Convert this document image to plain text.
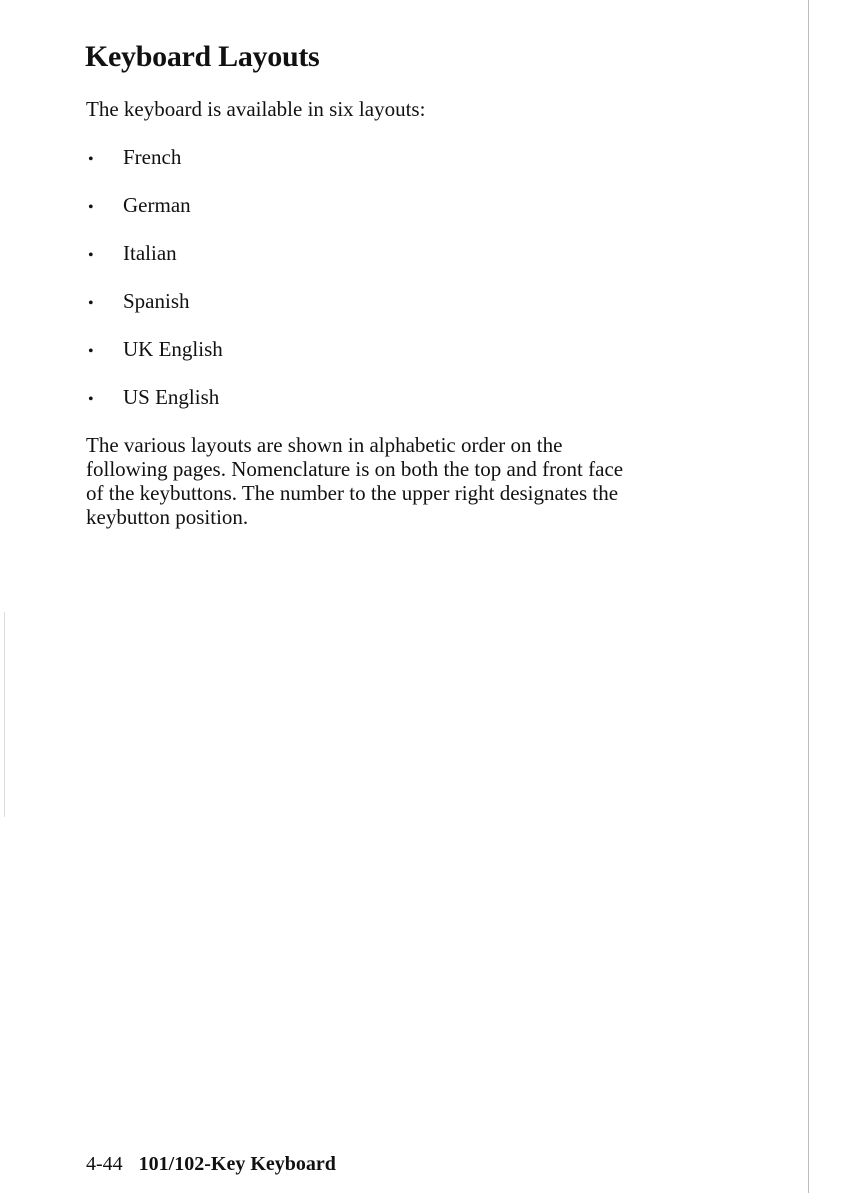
Keyboard Layouts

The keyboard is available in six layouts:

• French
• German
• Italian
• Spanish
• UK English
• US English

The various layouts are shown in alphabetic order on the
following pages. Nomenclature is on both the top and front face
of the keybuttons. The number to the upper right designates the
keybutton position.

4-44 101/102-Key Keyboard
